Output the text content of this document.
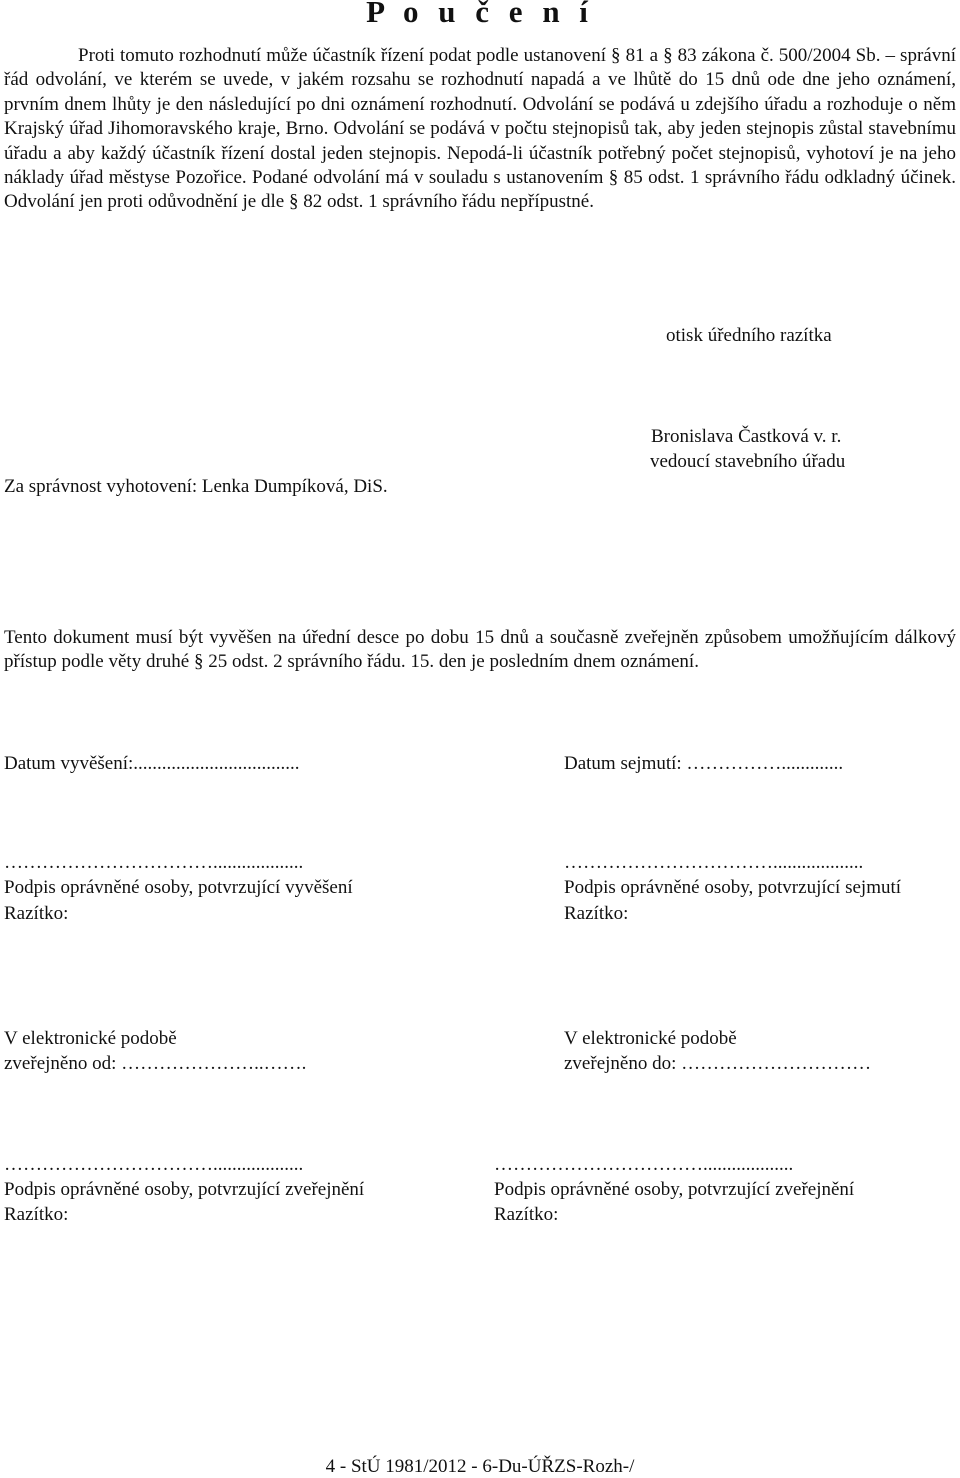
P o u č e n í

Proti tomuto rozhodnutí může účastník řízení podat podle ustanovení § 81 a § 83 zákona č. 500/2004 Sb. – správní řád odvolání, ve kterém se uvede, v jakém rozsahu se rozhodnutí napadá a ve lhůtě do 15 dnů ode dne jeho oznámení, prvním dnem lhůty je den následující po dni oznámení rozhodnutí. Odvolání se podává u zdejšího úřadu a rozhoduje o něm Krajský úřad Jihomoravského kraje, Brno. Odvolání se podává v počtu stejnopisů tak, aby jeden stejnopis zůstal stavebnímu úřadu a aby každý účastník řízení dostal jeden stejnopis. Nepodá-li účastník potřebný počet stejnopisů, vyhotoví je na jeho náklady úřad městyse Pozořice. Podané odvolání má v souladu s ustanovením § 85 odst. 1 správního řádu odkladný účinek. Odvolání jen proti odůvodnění je dle § 82 odst. 1 správního řádu nepřípustné.

otisk úředního razítka
Bronislava Častková v. r.
vedoucí stavebního úřadu
Za správnost vyhotovení: Lenka Dumpíková, DiS.

Tento dokument musí být vyvěšen na úřední desce po dobu 15 dnů a současně zveřejněn způsobem umožňujícím dálkový přístup podle věty druhé § 25 odst. 2 správního řádu. 15. den je posledním dnem oznámení.

Datum vyvěšení:...................................	Datum sejmutí: …………….............
……………………………...................	……………………………...................
Podpis oprávněné osoby, potvrzující vyvěšení	Podpis oprávněné osoby, potvrzující sejmutí
Razítko:	Razítko:
V elektronické podobě	V elektronické podobě
zveřejněno od: …………………..…….	zveřejněno do: …………………………
……………………………...................	……………………………...................
Podpis oprávněné osoby, potvrzující zveřejnění	Podpis oprávněné osoby, potvrzující zveřejnění
Razítko:	Razítko:
4 - StÚ 1981/2012 - 6-Du-ÚŘZS-Rozh-/
